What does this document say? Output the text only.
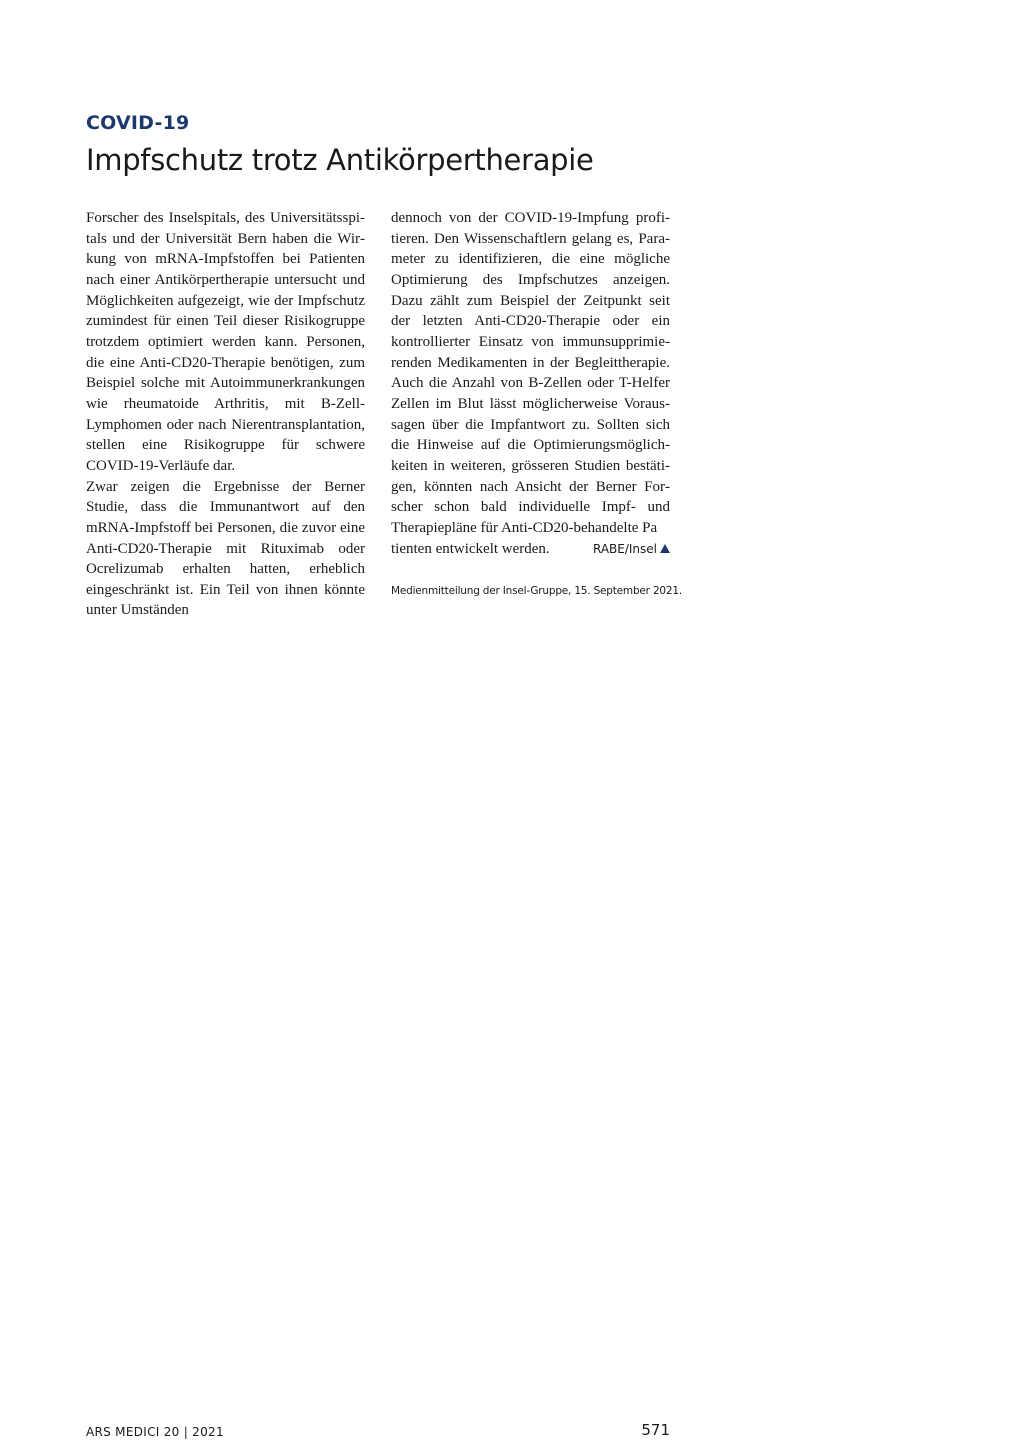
COVID-19
Impfschutz trotz Antikörpertherapie

Forscher des Inselspitals, des Universitätsspitals und der Universität Bern haben die Wirkung von mRNA-Impfstoffen bei Patienten nach einer Antikörpertherapie untersucht und Möglichkeiten aufgezeigt, wie der Impfschutz zumindest für einen Teil dieser Risikogruppe trotzdem optimiert werden kann. Personen, die eine Anti-CD20-Therapie benötigen, zum Beispiel solche mit Autoimmunerkrankungen wie rheumatoide Arthritis, mit B-Zell-Lymphomen oder nach Nierentransplantation, stellen eine Risikogruppe für schwere COVID-19-Verläufe dar.

Zwar zeigen die Ergebnisse der Berner Studie, dass die Immunantwort auf den mRNA-Impfstoff bei Personen, die zuvor eine Anti-CD20-Therapie mit Rituximab oder Ocrelizumab erhalten hatten, erheblich eingeschränkt ist. Ein Teil von ihnen könnte unter Umständen

dennoch von der COVID-19-Impfung profitieren. Den Wissenschaftlern gelang es, Parameter zu identifizieren, die eine mögliche Optimierung des Impfschutzes anzeigen. Dazu zählt zum Beispiel der Zeitpunkt seit der letzten Anti-CD20-Therapie oder ein kontrollierter Einsatz von immunsupprimierenden Medikamenten in der Begleittherapie. Auch die Anzahl von B-Zellen oder T-Helfer Zellen im Blut lässt möglicherweise Voraussagen über die Impfantwort zu. Sollten sich die Hinweise auf die Optimierungsmöglichkeiten in weiteren, grösseren Studien bestätigen, könnten nach Ansicht der Berner Forscher schon bald individuelle Impf- und Therapiepläne für Anti-CD20-behandelte Pa

tienten entwickelt werden.	RABE/Insel
Medienmitteilung der Insel-Gruppe, 15. September 2021.
ARS MEDICI 20 | 2021	571
